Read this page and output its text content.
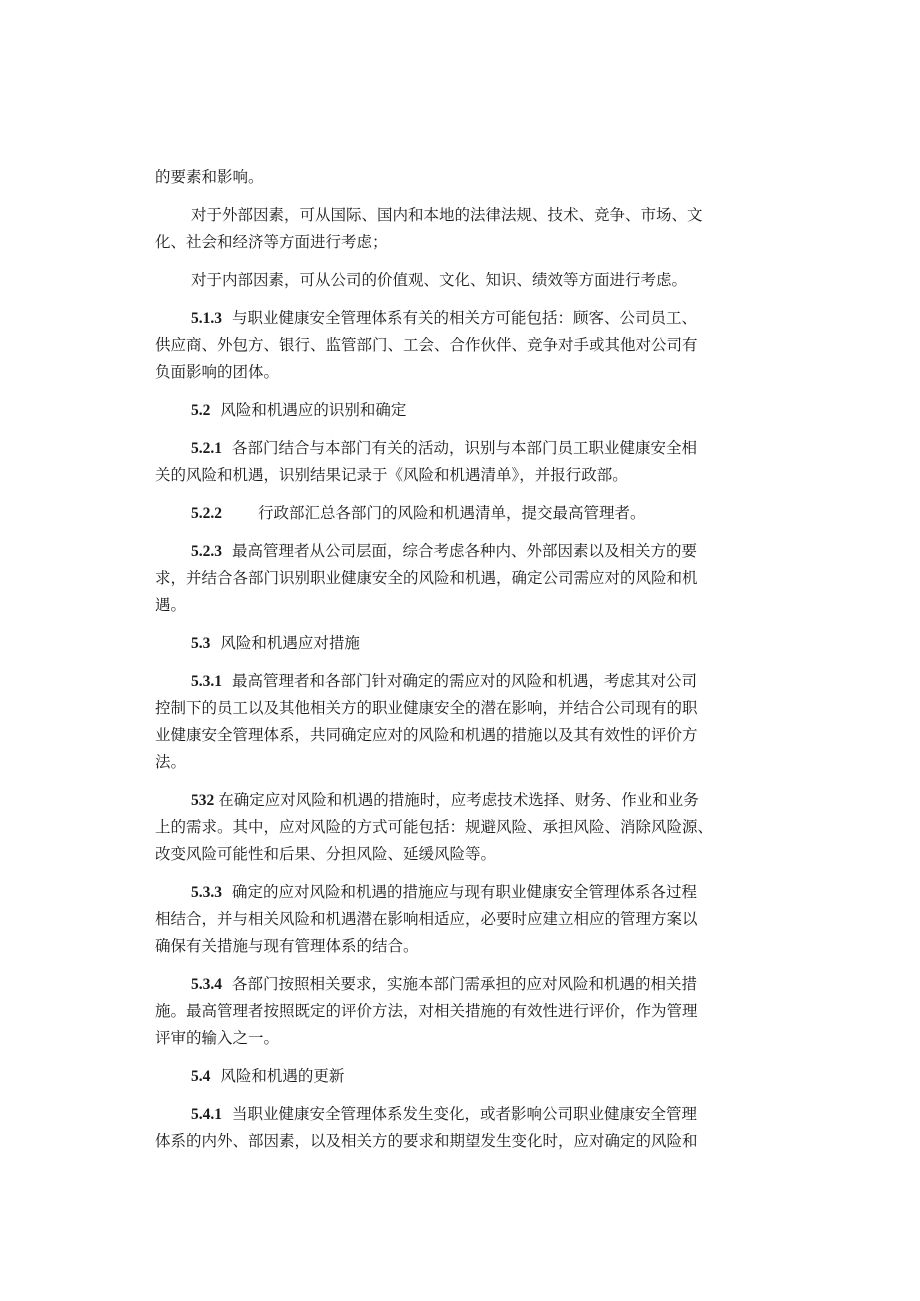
的要素和影响。

对于外部因素，可从国际、国内和本地的法律法规、技术、竞争、市场、文
化、社会和经济等方面进行考虑；

对于内部因素，可从公司的价值观、文化、知识、绩效等方面进行考虑。

5.1.3 与职业健康安全管理体系有关的相关方可能包括：顾客、公司员工、
供应商、外包方、银行、监管部门、工会、合作伙伴、竞争对手或其他对公司有
负面影响的团体。

5.2 风险和机遇应的识别和确定

5.2.1 各部门结合与本部门有关的活动，识别与本部门员工职业健康安全相
关的风险和机遇，识别结果记录于《风险和机遇清单》，并报行政部。

5.2.2 行政部汇总各部门的风险和机遇清单，提交最高管理者。

5.2.3 最高管理者从公司层面，综合考虑各种内、外部因素以及相关方的要
求，并结合各部门识别职业健康安全的风险和机遇，确定公司需应对的风险和机
遇。

5.3 风险和机遇应对措施

5.3.1 最高管理者和各部门针对确定的需应对的风险和机遇，考虑其对公司
控制下的员工以及其他相关方的职业健康安全的潜在影响，并结合公司现有的职
业健康安全管理体系，共同确定应对的风险和机遇的措施以及其有效性的评价方
法。

532 在确定应对风险和机遇的措施时，应考虑技术选择、财务、作业和业务
上的需求。其中，应对风险的方式可能包括：规避风险、承担风险、消除风险源、
改变风险可能性和后果、分担风险、延缓风险等。

5.3.3 确定的应对风险和机遇的措施应与现有职业健康安全管理体系各过程
相结合，并与相关风险和机遇潜在影响相适应，必要时应建立相应的管理方案以
确保有关措施与现有管理体系的结合。

5.3.4 各部门按照相关要求，实施本部门需承担的应对风险和机遇的相关措
施。最高管理者按照既定的评价方法，对相关措施的有效性进行评价，作为管理
评审的输入之一。

5.4 风险和机遇的更新

5.4.1 当职业健康安全管理体系发生变化，或者影响公司职业健康安全管理
体系的内外、部因素，以及相关方的要求和期望发生变化时，应对确定的风险和
